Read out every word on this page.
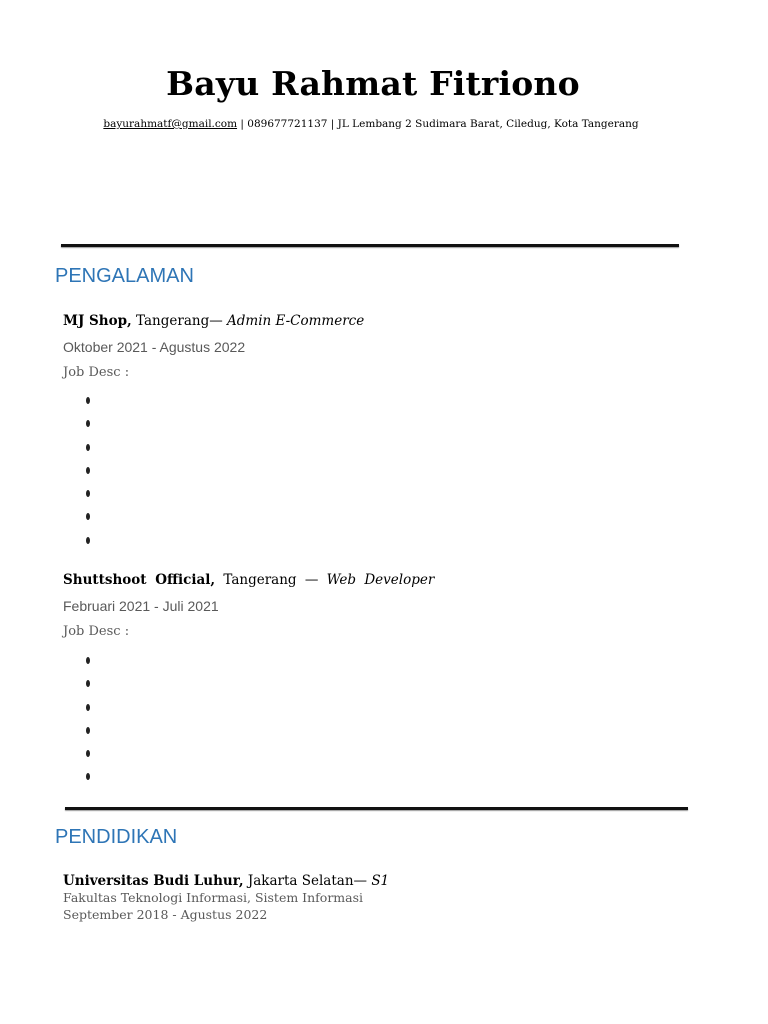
Bayu Rahmat Fitriono
bayurahmatf@gmail.com | 089677721137 | JL Lembang 2 Sudimara Barat, Ciledug, Kota Tangerang
PENGALAMAN
MJ Shop, Tangerang— Admin E-Commerce
Oktober 2021 - Agustus 2022
Job Desc :
Shuttshoot Official, Tangerang — Web Developer
Februari 2021 - Juli 2021
Job Desc :
PENDIDIKAN
Universitas Budi Luhur, Jakarta Selatan— S1
Fakultas Teknologi Informasi, Sistem Informasi
September 2018 - Agustus 2022
